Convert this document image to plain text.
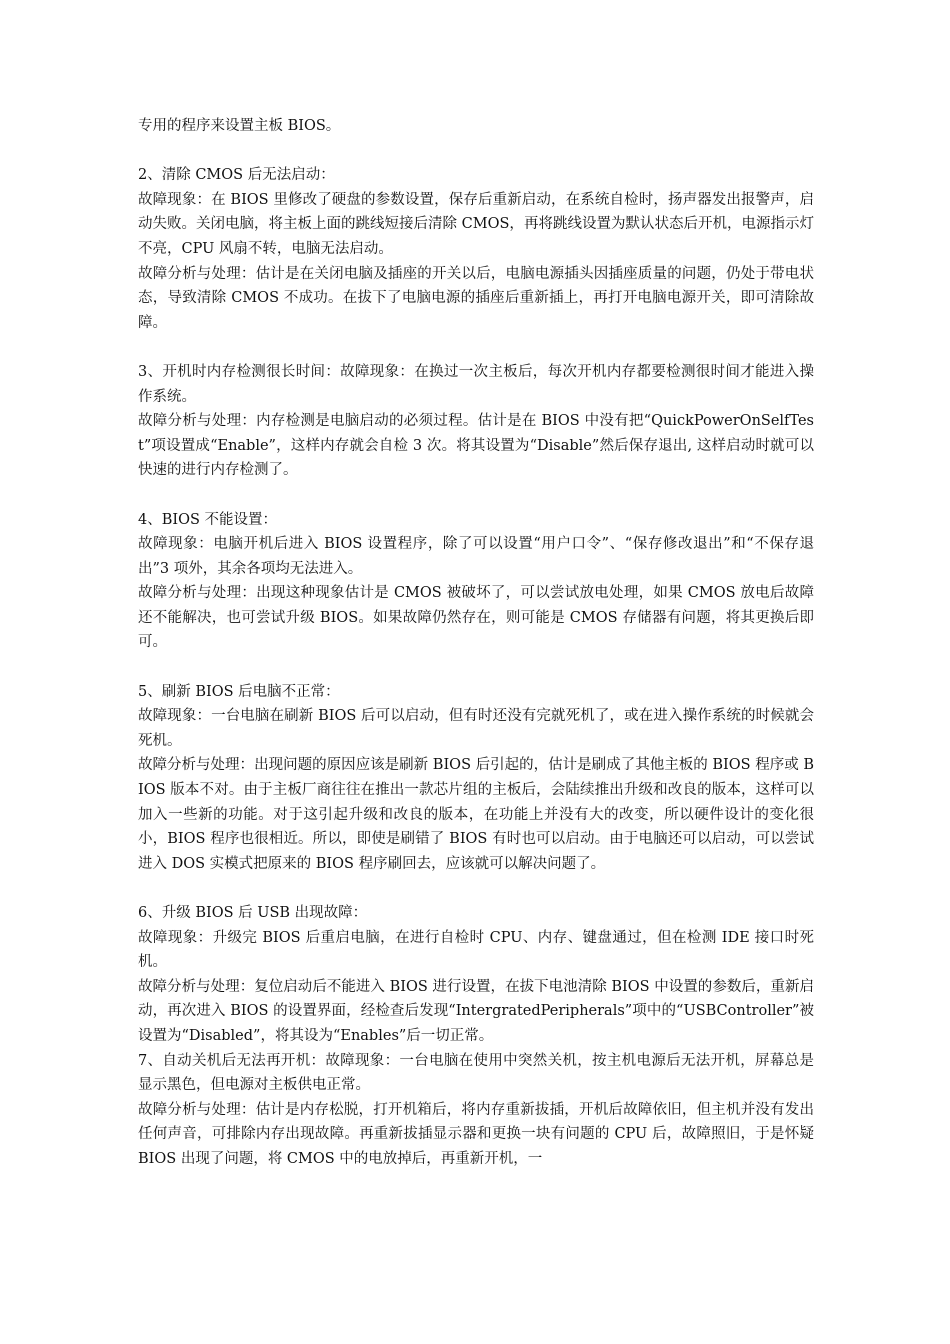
专用的程序来设置主板 BIOS。

2、清除 CMOS 后无法启动：

故障现象：在 BIOS 里修改了硬盘的参数设置，保存后重新启动，在系统自检时，扬声器发出报警声，启动失败。关闭电脑，将主板上面的跳线短接后清除 CMOS，再将跳线设置为默认状态后开机，电源指示灯不亮，CPU 风扇不转，电脑无法启动。

故障分析与处理：估计是在关闭电脑及插座的开关以后，电脑电源插头因插座质量的问题，仍处于带电状态，导致清除 CMOS 不成功。在拔下了电脑电源的插座后重新插上，再打开电脑电源开关，即可清除故障。

3、开机时内存检测很长时间：故障现象：在换过一次主板后，每次开机内存都要检测很时间才能进入操作系统。

故障分析与处理：内存检测是电脑启动的必须过程。估计是在 BIOS 中没有把“QuickPowerOnSelfTest”项设置成“Enable”，这样内存就会自检 3 次。将其设置为“Disable”然后保存退出, 这样启动时就可以快速的进行内存检测了。

4、BIOS 不能设置：

故障现象：电脑开机后进入 BIOS 设置程序，除了可以设置“用户口令”、“保存修改退出”和“不保存退出”3 项外，其余各项均无法进入。

故障分析与处理：出现这种现象估计是 CMOS 被破坏了，可以尝试放电处理，如果 CMOS 放电后故障还不能解决，也可尝试升级 BIOS。如果故障仍然存在，则可能是 CMOS 存储器有问题，将其更换后即可。

5、刷新 BIOS 后电脑不正常：

故障现象：一台电脑在刷新 BIOS 后可以启动，但有时还没有完就死机了，或在进入操作系统的时候就会死机。

故障分析与处理：出现问题的原因应该是刷新 BIOS 后引起的，估计是刷成了其他主板的 BIOS 程序或 BIOS 版本不对。由于主板厂商往往在推出一款芯片组的主板后，会陆续推出升级和改良的版本，这样可以加入一些新的功能。对于这引起升级和改良的版本，在功能上并没有大的改变，所以硬件设计的变化很小，BIOS 程序也很相近。所以，即使是刷错了 BIOS 有时也可以启动。由于电脑还可以启动，可以尝试进入 DOS 实模式把原来的 BIOS 程序刷回去，应该就可以解决问题了。

6、升级 BIOS 后 USB 出现故障：

故障现象：升级完 BIOS 后重启电脑，在进行自检时 CPU、内存、键盘通过，但在检测 IDE 接口时死机。

故障分析与处理：复位启动后不能进入 BIOS 进行设置，在拔下电池清除 BIOS 中设置的参数后，重新启动，再次进入 BIOS 的设置界面，经检查后发现“IntergratedPeripherals”项中的“USBController”被设置为“Disabled”，将其设为“Enables”后一切正常。

7、自动关机后无法再开机：故障现象：一台电脑在使用中突然关机，按主机电源后无法开机，屏幕总是显示黑色，但电源对主板供电正常。

故障分析与处理：估计是内存松脱，打开机箱后，将内存重新拔插，开机后故障依旧，但主机并没有发出任何声音，可排除内存出现故障。再重新拔插显示器和更换一块有问题的 CPU 后，故障照旧，于是怀疑 BIOS 出现了问题，将 CMOS 中的电放掉后，再重新开机，一
